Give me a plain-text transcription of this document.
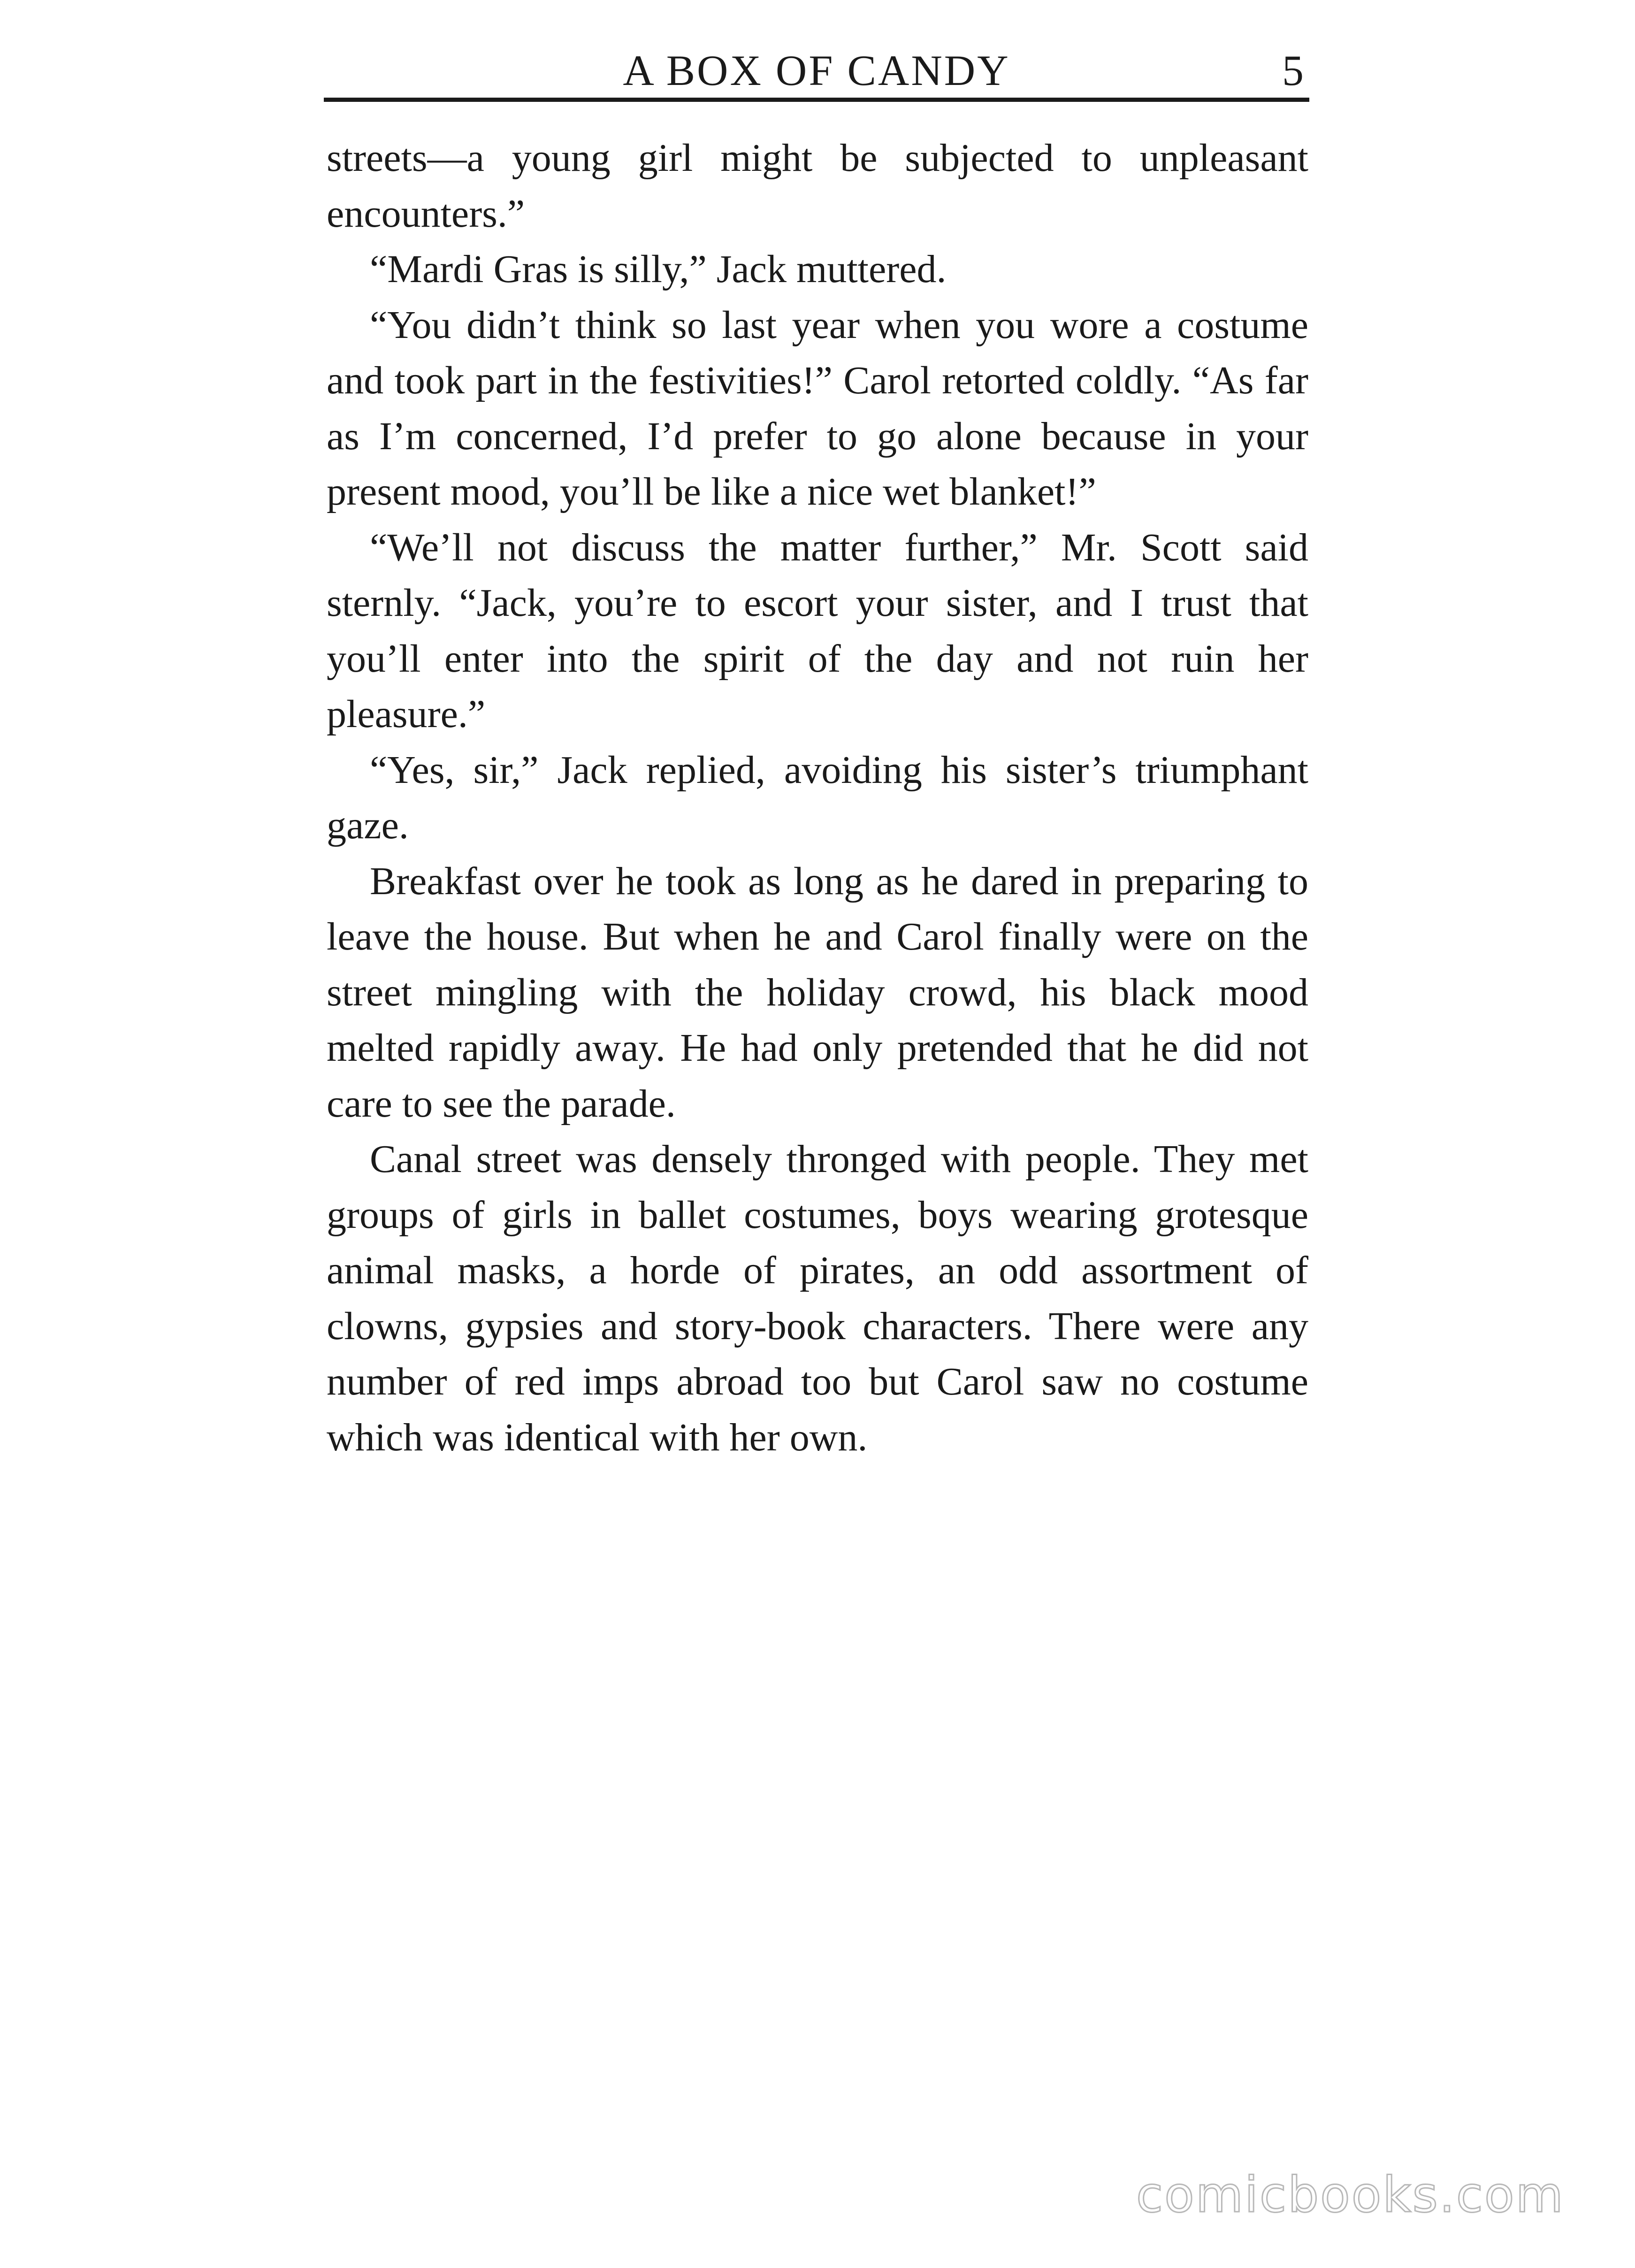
A BOX OF CANDY	5

streets—a young girl might be subjected to unpleasant encounters.”

“Mardi Gras is silly,” Jack muttered.

“You didn’t think so last year when you wore a costume and took part in the festivities!” Carol retorted coldly. “As far as I’m concerned, I’d prefer to go alone because in your present mood, you’ll be like a nice wet blanket!”

“We’ll not discuss the matter further,” Mr. Scott said sternly. “Jack, you’re to escort your sister, and I trust that you’ll enter into the spirit of the day and not ruin her pleasure.”

“Yes, sir,” Jack replied, avoiding his sister’s triumphant gaze.

Breakfast over he took as long as he dared in preparing to leave the house. But when he and Carol finally were on the street mingling with the holiday crowd, his black mood melted rapidly away. He had only pretended that he did not care to see the parade.

Canal street was densely thronged with people. They met groups of girls in ballet costumes, boys wearing grotesque animal masks, a horde of pirates, an odd assortment of clowns, gypsies and story-book characters. There were any number of red imps abroad too but Carol saw no costume which was identical with her own.

comicbooks.com
